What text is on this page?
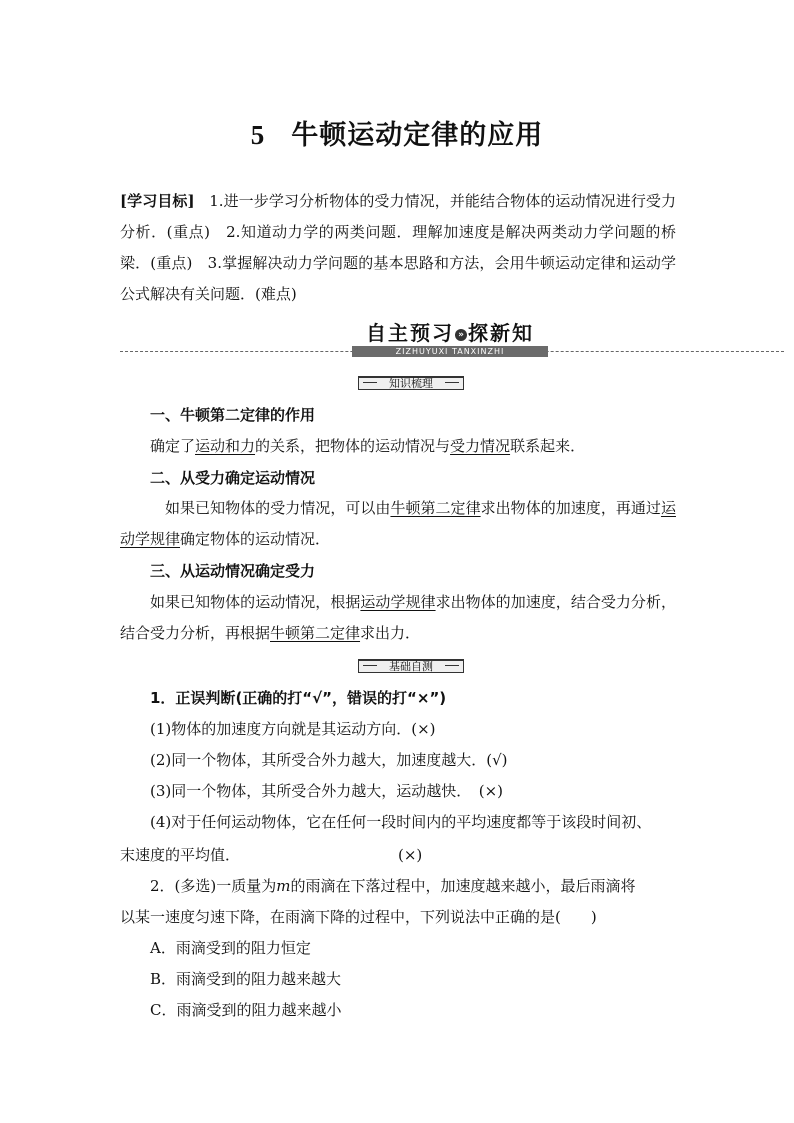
5 牛顿运动定律的应用

[学习目标] 1.进一步学习分析物体的受力情况，并能结合物体的运动情况进行受力分析．(重点)　2.知道动力学的两类问题．理解加速度是解决两类动力学问题的桥梁．(重点)　3.掌握解决动力学问题的基本思路和方法，会用牛顿运动定律和运动学公式解决有关问题．(难点)

自主预习 » 探新知
ZIZHUYUXI TANXINZHI
知识梳理
一、牛顿第二定律的作用

确定了运动和力的关系，把物体的运动情况与受力情况联系起来．

二、从受力确定运动情况

如果已知物体的受力情况，可以由牛顿第二定律求出物体的加速度，再通过运动学规律确定物体的运动情况．

三、从运动情况确定受力

如果已知物体的运动情况，根据运动学规律求出物体的加速度，结合受力分析，结合受力分析，再根据牛顿第二定律求出力．

基础自测
1．正误判断(正确的打“√”，错误的打“×”)
(1)物体的加速度方向就是其运动方向．(×)
(2)同一个物体，其所受合外力越大，加速度越大．(√)
(3)同一个物体，其所受合外力越大，运动越快．　(×)
(4)对于任何运动物体，它在任何一段时间内的平均速度都等于该段时间初、
末速度的平均值．	(×)
2．(多选)一质量为m的雨滴在下落过程中，加速度越来越小，最后雨滴将
以某一速度匀速下降，在雨滴下降的过程中，下列说法中正确的是(　　)
A．雨滴受到的阻力恒定
B．雨滴受到的阻力越来越大
C．雨滴受到的阻力越来越小
